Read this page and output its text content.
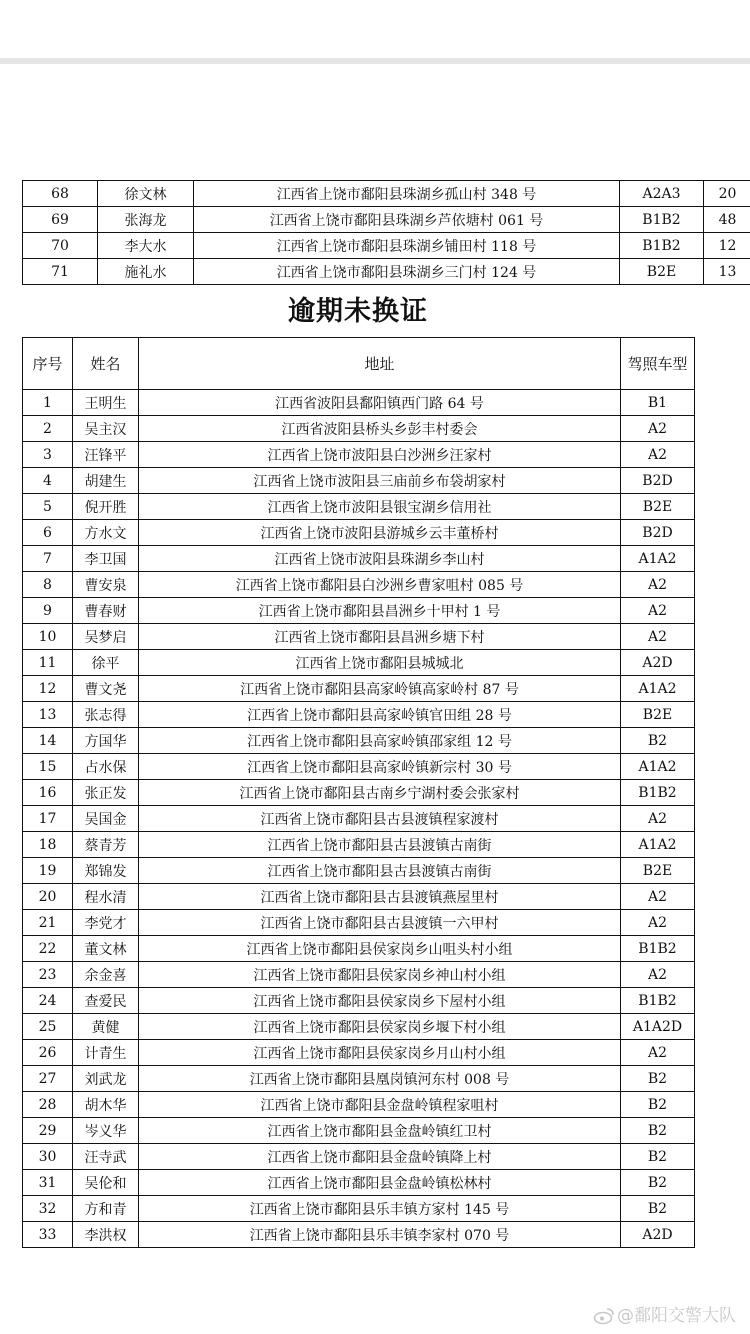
68	徐文林	江西省上饶市鄱阳县珠湖乡孤山村 348 号	A2A3	20
69	张海龙	江西省上饶市鄱阳县珠湖乡芦依塘村 061 号	B1B2	48
70	李大水	江西省上饶市鄱阳县珠湖乡铺田村 118 号	B1B2	12
71	施礼水	江西省上饶市鄱阳县珠湖乡三门村 124 号	B2E	13
逾期未换证
序号	姓名	地址	驾照车型
1	王明生	江西省波阳县鄱阳镇西门路 64 号	B1
2	吴主汉	江西省波阳县桥头乡彭丰村委会	A2
3	汪锋平	江西省上饶市波阳县白沙洲乡汪家村	A2
4	胡建生	江西省上饶市波阳县三庙前乡布袋胡家村	B2D
5	倪开胜	江西省上饶市波阳县银宝湖乡信用社	B2E
6	方水文	江西省上饶市波阳县游城乡云丰董桥村	B2D
7	李卫国	江西省上饶市波阳县珠湖乡李山村	A1A2
8	曹安泉	江西省上饶市鄱阳县白沙洲乡曹家咀村 085 号	A2
9	曹春财	江西省上饶市鄱阳县昌洲乡十甲村 1 号	A2
10	吴梦启	江西省上饶市鄱阳县昌洲乡塘下村	A2
11	徐平	江西省上饶市鄱阳县城城北	A2D
12	曹文尧	江西省上饶市鄱阳县高家岭镇高家岭村 87 号	A1A2
13	张志得	江西省上饶市鄱阳县高家岭镇官田组 28 号	B2E
14	方国华	江西省上饶市鄱阳县高家岭镇邵家组 12 号	B2
15	占水保	江西省上饶市鄱阳县高家岭镇新宗村 30 号	A1A2
16	张正发	江西省上饶市鄱阳县古南乡宁湖村委会张家村	B1B2
17	吴国金	江西省上饶市鄱阳县古县渡镇程家渡村	A2
18	蔡青芳	江西省上饶市鄱阳县古县渡镇古南街	A1A2
19	郑锦发	江西省上饶市鄱阳县古县渡镇古南街	B2E
20	程水清	江西省上饶市鄱阳县古县渡镇燕屋里村	A2
21	李党才	江西省上饶市鄱阳县古县渡镇一六甲村	A2
22	董文林	江西省上饶市鄱阳县侯家岗乡山咀头村小组	B1B2
23	余金喜	江西省上饶市鄱阳县侯家岗乡神山村小组	A2
24	查爱民	江西省上饶市鄱阳县侯家岗乡下屋村小组	B1B2
25	黄健	江西省上饶市鄱阳县侯家岗乡堰下村小组	A1A2D
26	计青生	江西省上饶市鄱阳县侯家岗乡月山村小组	A2
27	刘武龙	江西省上饶市鄱阳县凰岗镇河东村 008 号	B2
28	胡木华	江西省上饶市鄱阳县金盘岭镇程家咀村	B2
29	岑义华	江西省上饶市鄱阳县金盘岭镇红卫村	B2
30	汪寺武	江西省上饶市鄱阳县金盘岭镇降上村	B2
31	吴伦和	江西省上饶市鄱阳县金盘岭镇松林村	B2
32	方和青	江西省上饶市鄱阳县乐丰镇方家村 145 号	B2
33	李洪权	江西省上饶市鄱阳县乐丰镇李家村 070 号	A2D
@鄱阳交警大队
